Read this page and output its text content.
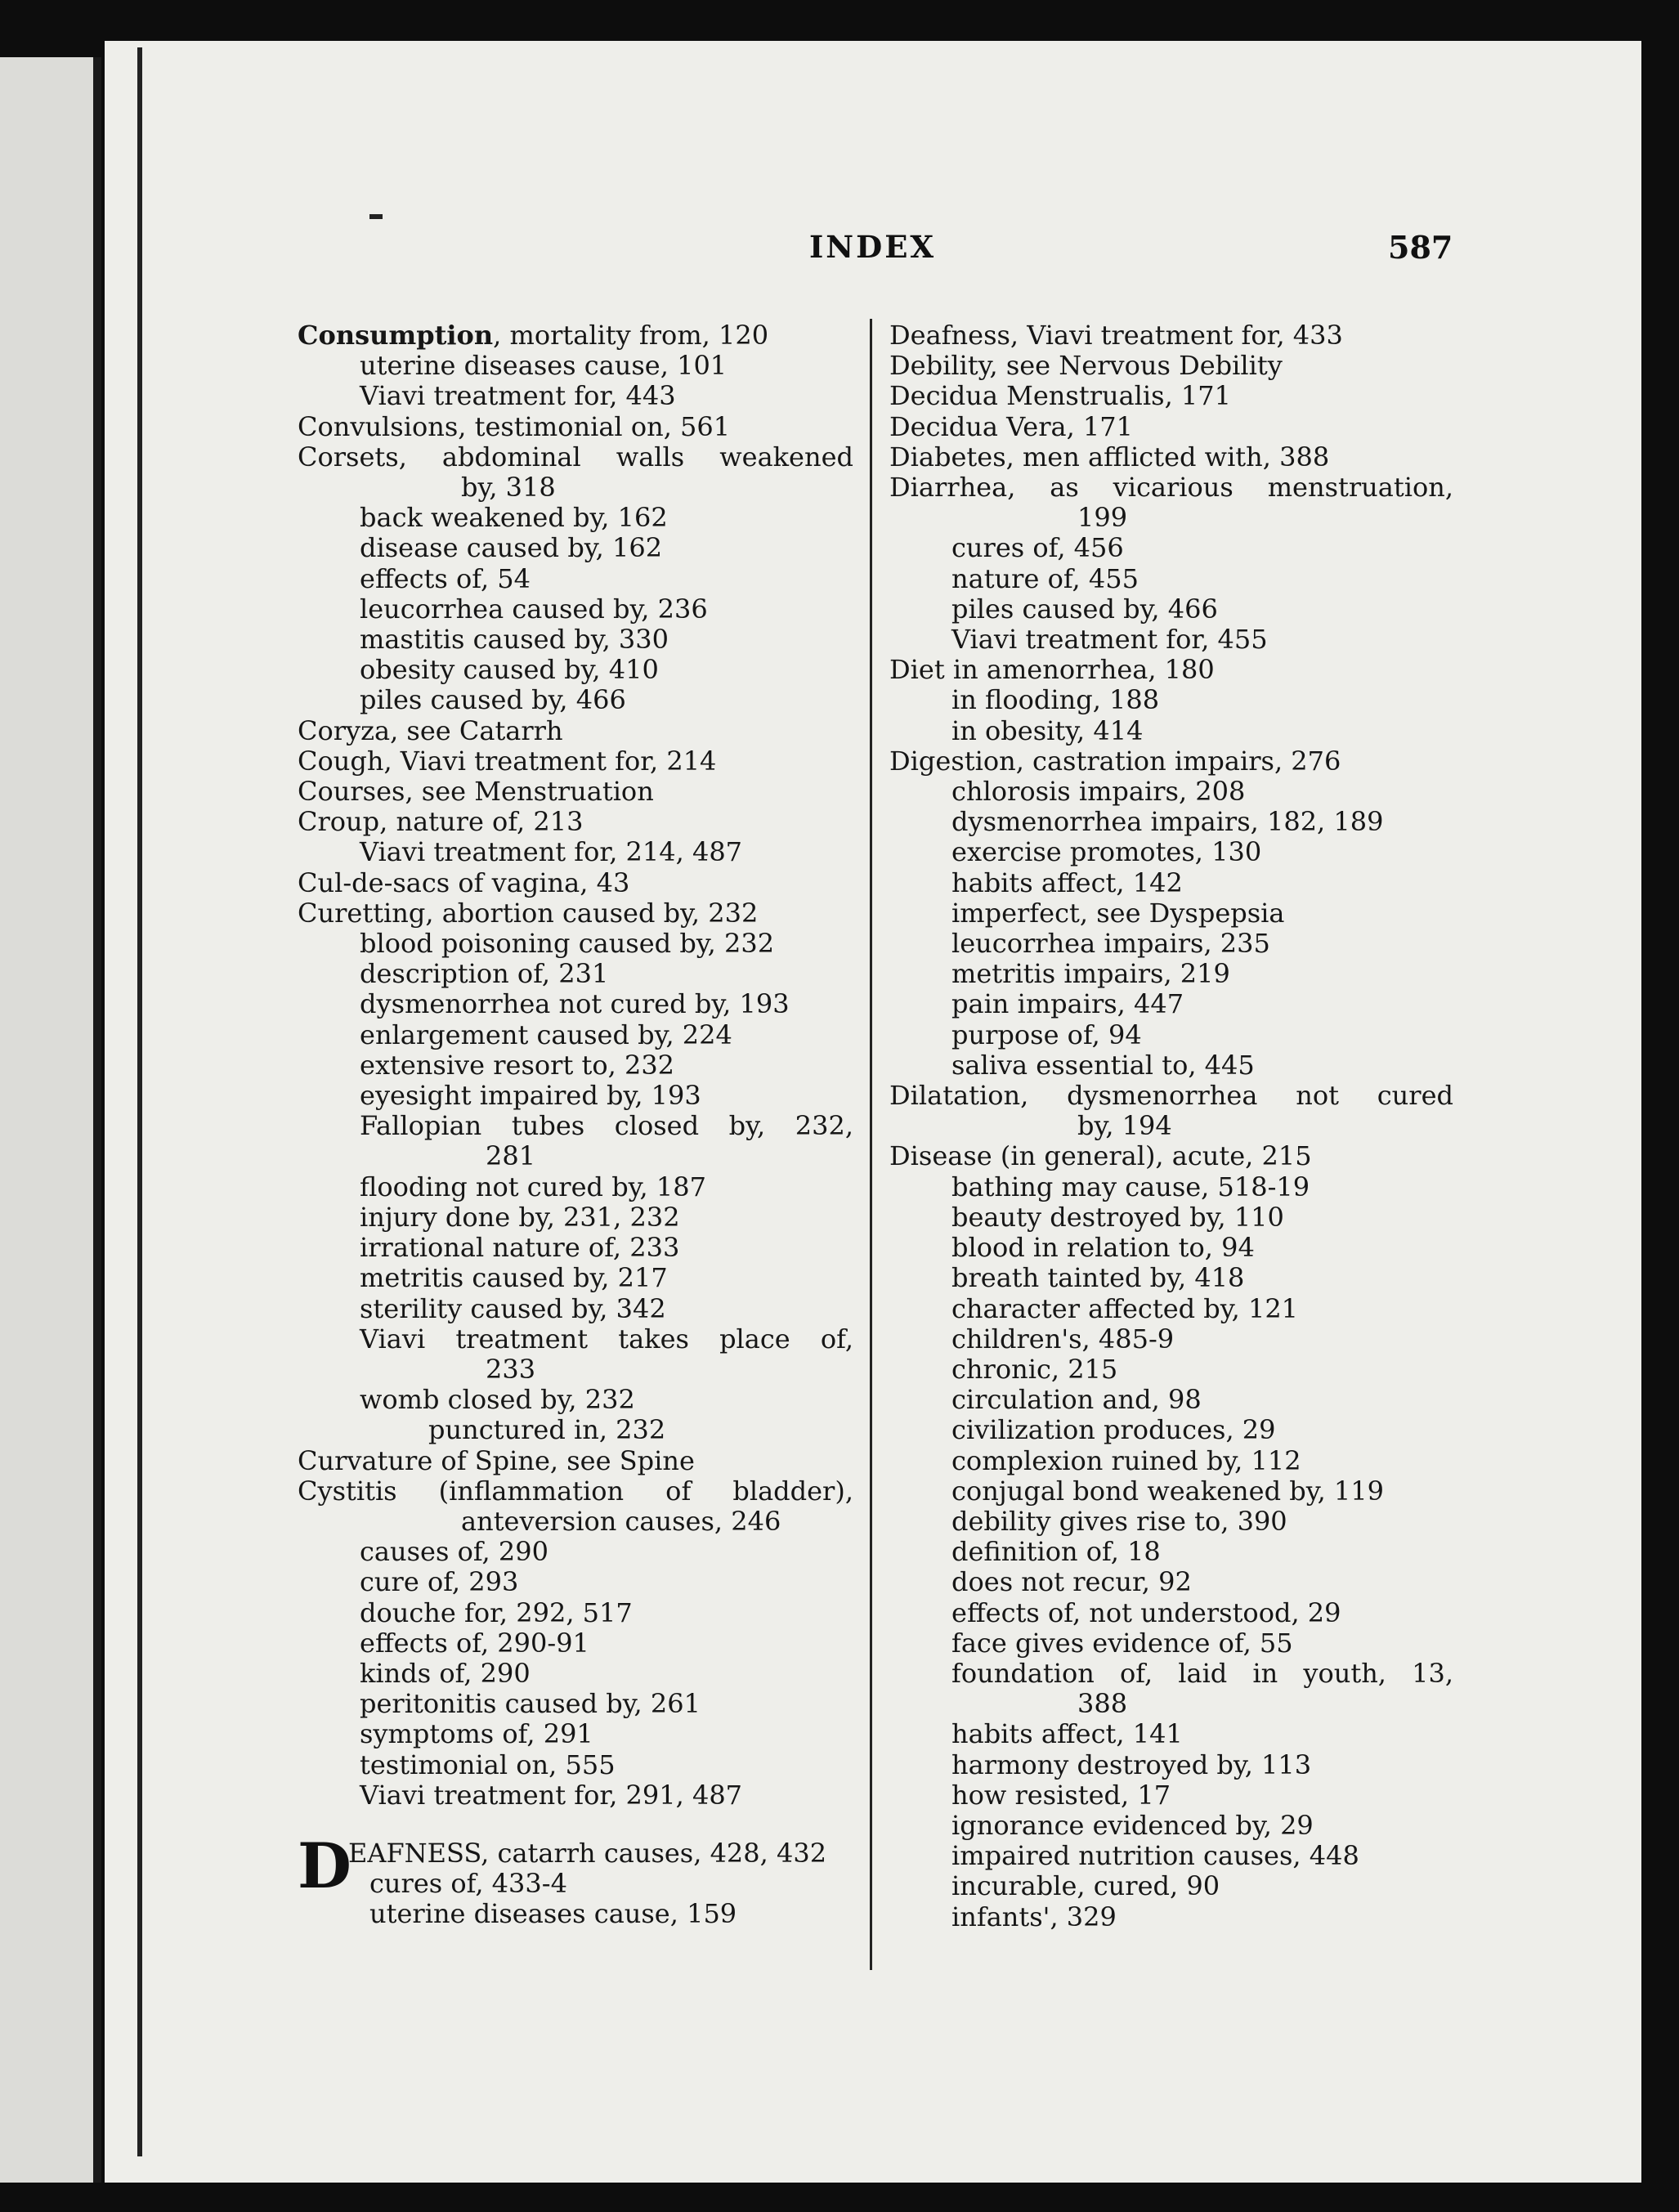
INDEX	587
Consumption, mortality from, 120
uterine diseases cause, 101
Viavi treatment for, 443
Convulsions, testimonial on, 561
Corsets, abdominal walls weakened
by, 318
back weakened by, 162
disease caused by, 162
effects of, 54
leucorrhea caused by, 236
mastitis caused by, 330
obesity caused by, 410
piles caused by, 466
Coryza, see Catarrh
Cough, Viavi treatment for, 214
Courses, see Menstruation
Croup, nature of, 213
Viavi treatment for, 214, 487
Cul-de-sacs of vagina, 43
Curetting, abortion caused by, 232
blood poisoning caused by, 232
description of, 231
dysmenorrhea not cured by, 193
enlargement caused by, 224
extensive resort to, 232
eyesight impaired by, 193
Fallopian tubes closed by, 232,
281
flooding not cured by, 187
injury done by, 231, 232
irrational nature of, 233
metritis caused by, 217
sterility caused by, 342
Viavi treatment takes place of,
233
womb closed by, 232
punctured in, 232
Curvature of Spine, see Spine
Cystitis (inflammation of bladder),
anteversion causes, 246
causes of, 290
cure of, 293
douche for, 292, 517
effects of, 290-91
kinds of, 290
peritonitis caused by, 261
symptoms of, 291
testimonial on, 555
Viavi treatment for, 291, 487
EAFNESS, catarrh causes, 428, 432
D cures of, 433-4
uterine diseases cause, 159
Deafness, Viavi treatment for, 433
Debility, see Nervous Debility
Decidua Menstrualis, 171
Decidua Vera, 171
Diabetes, men afflicted with, 388
Diarrhea, as vicarious menstruation,
199
cures of, 456
nature of, 455
piles caused by, 466
Viavi treatment for, 455
Diet in amenorrhea, 180
in flooding, 188
in obesity, 414
Digestion, castration impairs, 276
chlorosis impairs, 208
dysmenorrhea impairs, 182, 189
exercise promotes, 130
habits affect, 142
imperfect, see Dyspepsia
leucorrhea impairs, 235
metritis impairs, 219
pain impairs, 447
purpose of, 94
saliva essential to, 445
Dilatation, dysmenorrhea not cured
by, 194
Disease (in general), acute, 215
bathing may cause, 518-19
beauty destroyed by, 110
blood in relation to, 94
breath tainted by, 418
character affected by, 121
children's, 485-9
chronic, 215
circulation and, 98
civilization produces, 29
complexion ruined by, 112
conjugal bond weakened by, 119
debility gives rise to, 390
definition of, 18
does not recur, 92
effects of, not understood, 29
face gives evidence of, 55
foundation of, laid in youth, 13,
388
habits affect, 141
harmony destroyed by, 113
how resisted, 17
ignorance evidenced by, 29
impaired nutrition causes, 448
incurable, cured, 90
infants', 329
